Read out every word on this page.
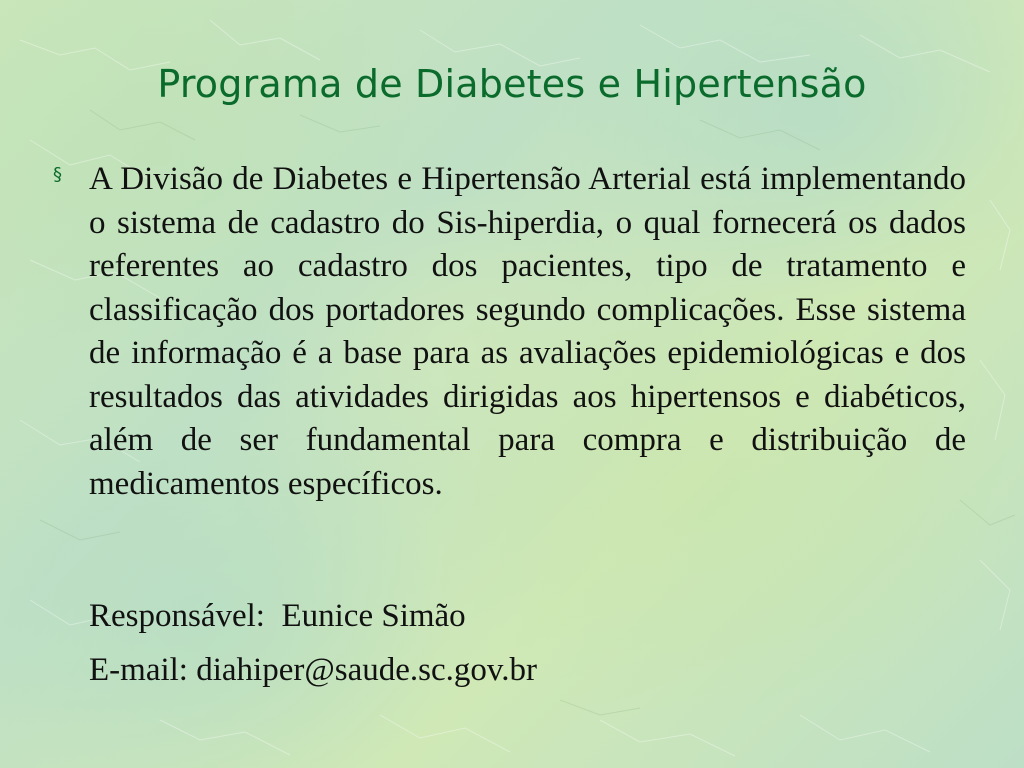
Programa de Diabetes e Hipertensão
§ A Divisão de Diabetes e Hipertensão Arterial está implementando o sistema de cadastro do Sis-hiperdia, o qual fornecerá os dados referentes ao cadastro dos pacientes, tipo de tratamento e classificação dos portadores segundo complicações. Esse sistema de informação é a base para as avaliações epidemiológicas e dos resultados das atividades dirigidas aos hipertensos e diabéticos, além de ser fundamental para compra e distribuição de medicamentos específicos.

Responsável:  Eunice Simão
E-mail: diahiper@saude.sc.gov.br
